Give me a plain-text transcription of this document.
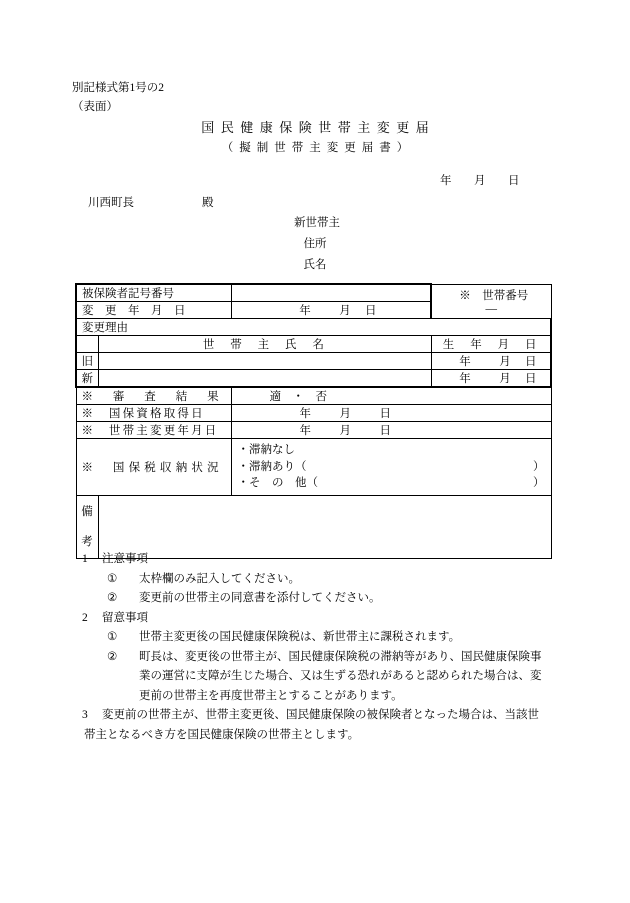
別記様式第1号の2
（表面）
国民健康保険世帯主変更届
（擬制世帯主変更届書）
年 月 日
川西町長	殿
新世帯主
住所
氏名
被保険者記号番号			※　世帯番号
―

変　更　年　月　日		年 月 日	

変更理由			

	世　帯　主　氏　名		生　年　月　日
旧			年 月 日
新			年 月 日

※　審　査　結　果		適　・　否	

※　国保資格取得日		年 月 日	

※　世帯主変更年月日		年 月 日	

※　国保税収納状況		・滞納なし
・滞納あり（ ）
・そ　の　他（ ）	

備
考			

1 注意事項
① 太枠欄のみ記入してください。
② 変更前の世帯主の同意書を添付してください。
2 留意事項
① 世帯主変更後の国民健康保険税は、新世帯主に課税されます。
② 町長は、変更後の世帯主が、国民健康保険税の滞納等があり、国民健康保険事
業の運営に支障が生じた場合、又は生ずる恐れがあると認められた場合は、変
更前の世帯主を再度世帯主とすることがあります。
3 変更前の世帯主が、世帯主変更後、国民健康保険の被保険者となった場合は、当該世
帯主となるべき方を国民健康保険の世帯主とします。
